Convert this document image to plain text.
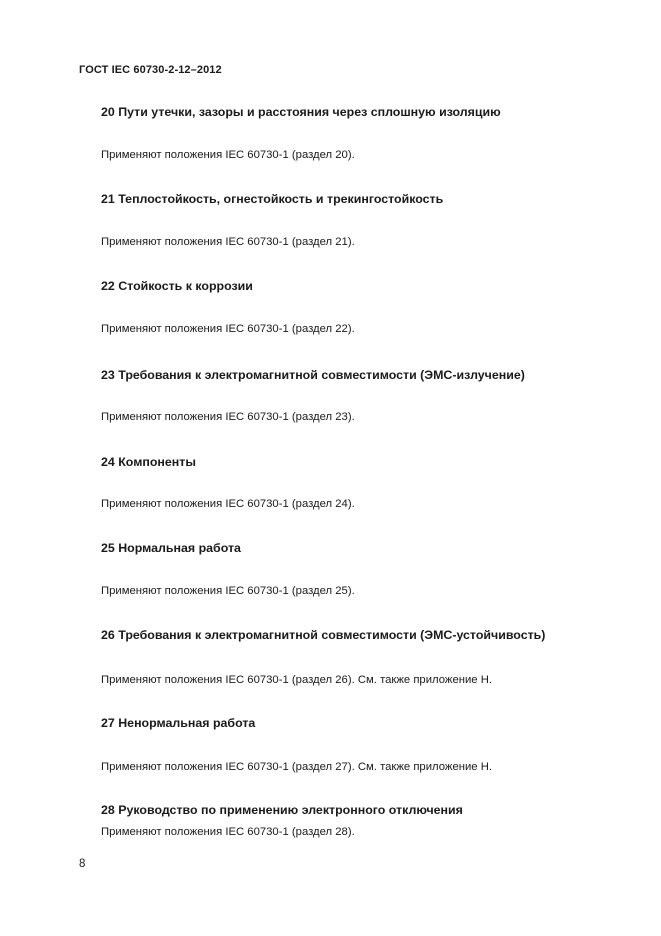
ГОСТ IEC 60730-2-12–2012
20 Пути утечки, зазоры и расстояния через сплошную изоляцию
Применяют положения IEC 60730-1 (раздел 20).
21 Теплостойкость, огнестойкость и трекингостойкость
Применяют положения IEC 60730-1 (раздел 21).
22 Стойкость к коррозии
Применяют положения IEC 60730-1 (раздел 22).
23 Требования к электромагнитной совместимости (ЭМС-излучение)
Применяют положения IEC 60730-1 (раздел 23).
24 Компоненты
Применяют положения IEC 60730-1 (раздел 24).
25 Нормальная работа
Применяют положения IEC 60730-1 (раздел 25).
26 Требования к электромагнитной совместимости (ЭМС-устойчивость)
Применяют положения IEC 60730-1 (раздел 26). См. также приложение Н.
27 Ненормальная работа
Применяют положения IEC 60730-1 (раздел 27). См. также приложение Н.
28 Руководство по применению электронного отключения
Применяют положения IEC 60730-1 (раздел 28).
8
